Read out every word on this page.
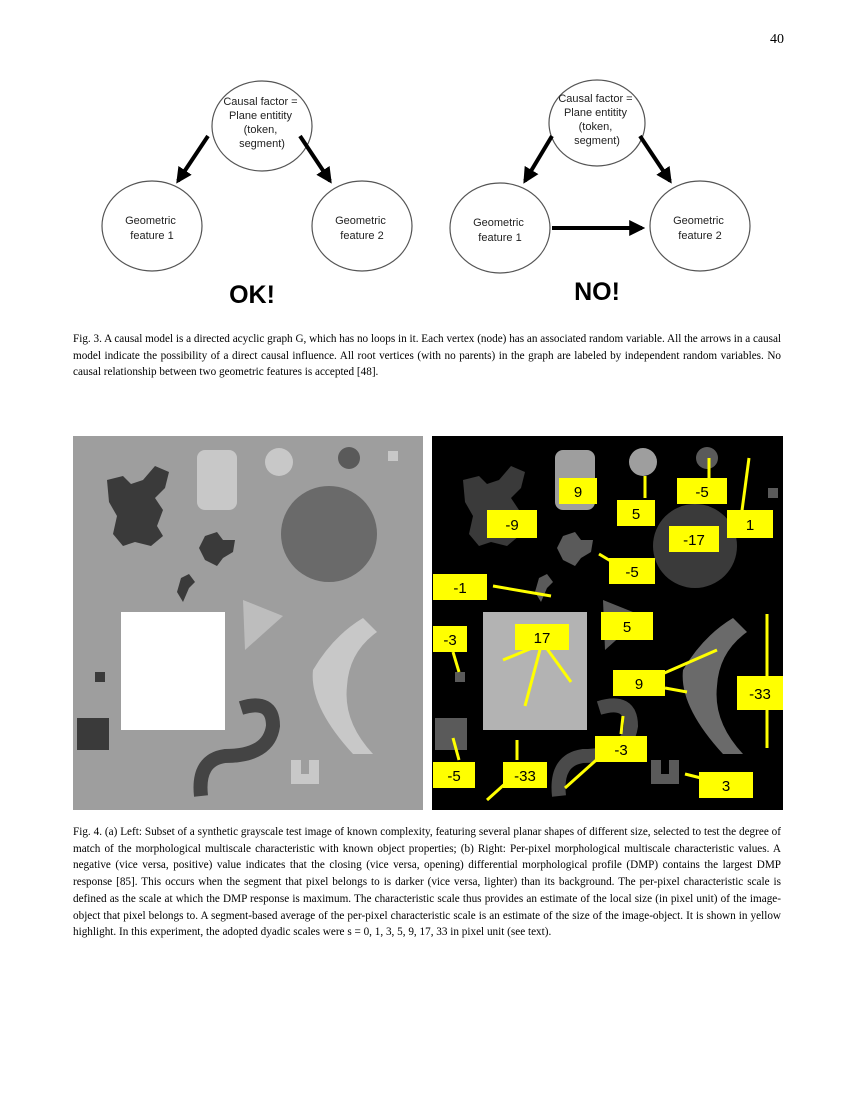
40
Causal factor = Plane entitity (token, segment)
Geometric feature 1
Geometric feature 2
OK!
Causal factor = Plane entitity (token, segment)
Geometric feature 1
Geometric feature 2
NO!
Fig. 3. A causal model is a directed acyclic graph G, which has no loops in it. Each vertex (node) has an associated random variable. All the arrows in a causal model indicate the possibility of a direct causal influence. All root vertices (with no parents) in the graph are labeled by independent random variables. No causal relationship between two geometric features is accepted [48].
9	-5
1
-9
5
-17
-5
-1
5
-3	17
9
-33
-3
-5	-33
3
Fig. 4. (a) Left: Subset of a synthetic grayscale test image of known complexity, featuring several planar shapes of different size, selected to test the degree of match of the morphological multiscale characteristic with known object properties; (b) Right: Per-pixel morphological multiscale characteristic values. A negative (vice versa, positive) value indicates that the closing (vice versa, opening) differential morphological profile (DMP) contains the largest DMP response [85]. This occurs when the segment that pixel belongs to is darker (vice versa, lighter) than its background. The per-pixel characteristic scale is defined as the scale at which the DMP response is maximum. The characteristic scale thus provides an estimate of the local size (in pixel unit) of the image-object that pixel belongs to. A segment-based average of the per-pixel characteristic scale is an estimate of the size of the image-object. It is shown in yellow highlight. In this experiment, the adopted dyadic scales were s = 0, 1, 3, 5, 9, 17, 33 in pixel unit (see text).
